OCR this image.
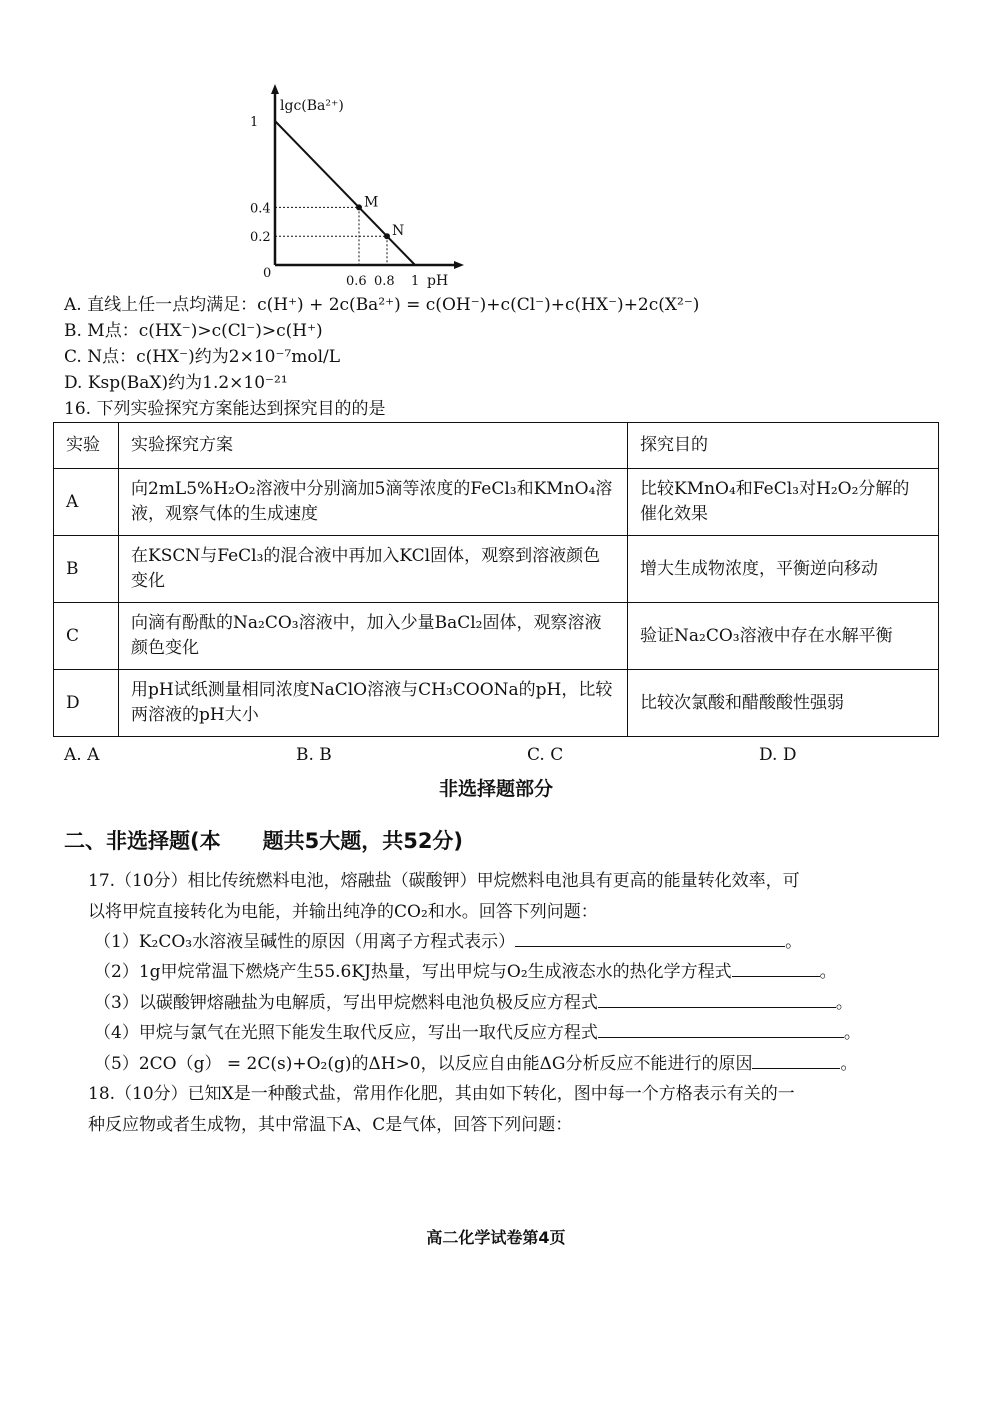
lgc(Ba²⁺)
pH
0
1
0.4
0.2
0.6 0.8 1
M
N
A. 直线上任一点均满足：c(H⁺) + 2c(Ba²⁺) = c(OH⁻)+c(Cl⁻)+c(HX⁻)+2c(X²⁻)
B. M点：c(HX⁻)>c(Cl⁻)>c(H⁺)
C. N点：c(HX⁻)约为2×10⁻⁷mol/L
D. Ksp(BaX)约为1.2×10⁻²¹
16. 下列实验探究方案能达到探究目的的是
实验	实验探究方案	探究目的
A	向2mL5%H₂O₂溶液中分别滴加5滴等浓度的FeCl₃和KMnO₄溶液，观察气体的生成速度	比较KMnO₄和FeCl₃对H₂O₂分解的催化效果
B	在KSCN与FeCl₃的混合液中再加入KCl固体，观察到溶液颜色变化	增大生成物浓度，平衡逆向移动
C	向滴有酚酞的Na₂CO₃溶液中，加入少量BaCl₂固体，观察溶液颜色变化	验证Na₂CO₃溶液中存在水解平衡
D	用pH试纸测量相同浓度NaClO溶液与CH₃COONa的pH，比较两溶液的pH大小	比较次氯酸和醋酸酸性强弱
A. A	B. B	C. C	D. D
非选择题部分
二、非选择题(本　　题共5大题，共52分)
17.（10分）相比传统燃料电池，熔融盐（碳酸钾）甲烷燃料电池具有更高的能量转化效率，可
以将甲烷直接转化为电能，并输出纯净的CO₂和水。回答下列问题：
（1）K₂CO₃水溶液呈碱性的原因（用离子方程式表示）	。
（2）1g甲烷常温下燃烧产生55.6KJ热量，写出甲烷与O₂生成液态水的热化学方程式	。
（3）以碳酸钾熔融盐为电解质，写出甲烷燃料电池负极反应方程式	。
（4）甲烷与氯气在光照下能发生取代反应，写出一取代反应方程式	。
（5）2CO（g） = 2C(s)+O₂(g)的ΔH>0，以反应自由能ΔG分析反应不能进行的原因	。
18.（10分）已知X是一种酸式盐，常用作化肥，其由如下转化，图中每一个方格表示有关的一
种反应物或者生成物，其中常温下A、C是气体，回答下列问题：
高二化学试卷第4页
